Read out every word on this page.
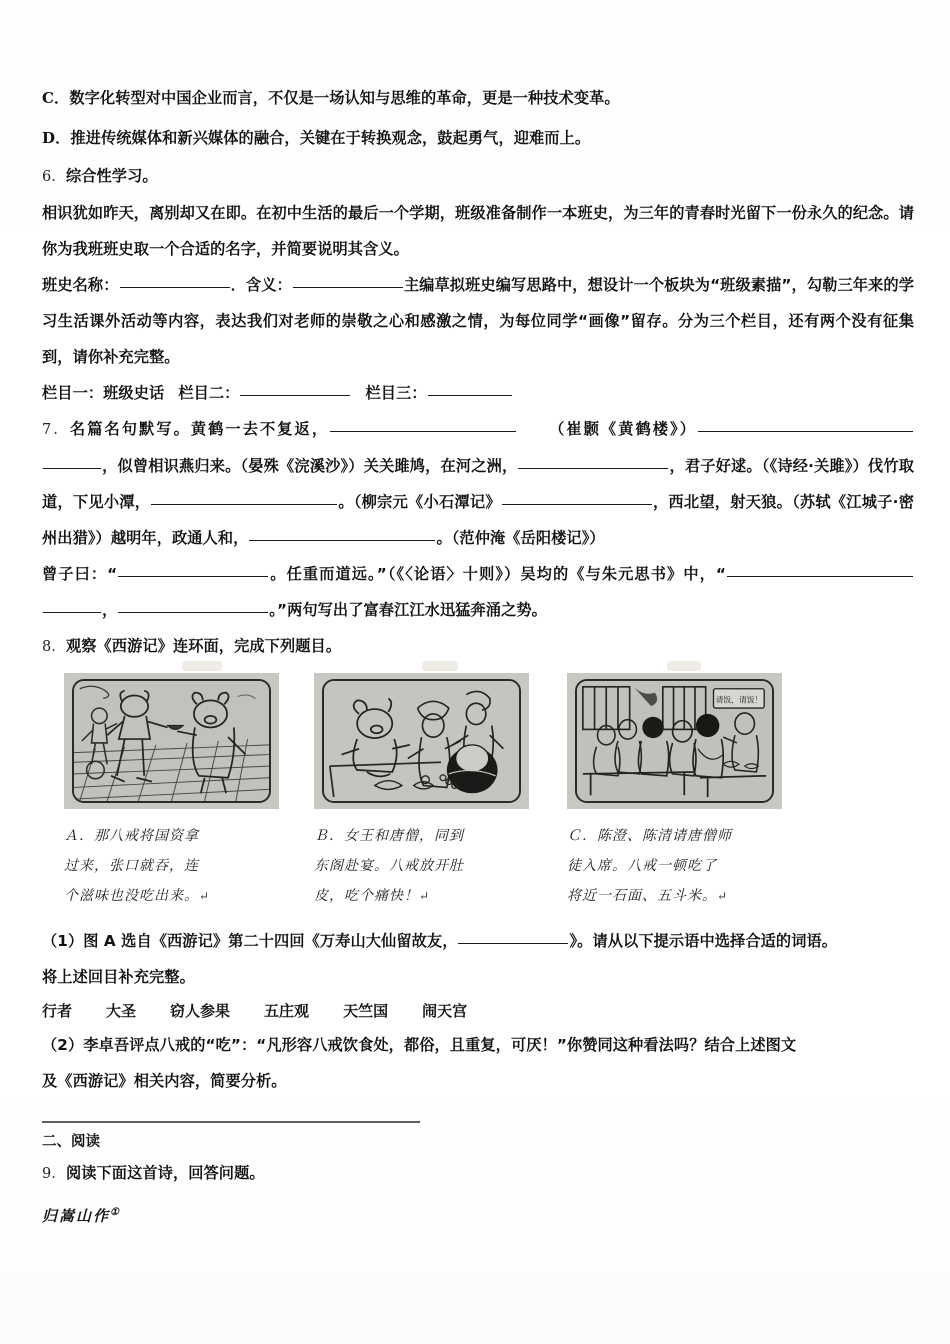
C．数字化转型对中国企业而言，不仅是一场认知与思维的革命，更是一种技术变革。

D．推进传统媒体和新兴媒体的融合，关键在于转换观念，鼓起勇气，迎难而上。

6．综合性学习。

相识犹如昨天，离别却又在即。在初中生活的最后一个学期，班级准备制作一本班史，为三年的青春时光留下一份永久的纪念。请你为我班班史取一个合适的名字，并简要说明其含义。

班史名称：	．含义：	主编草拟班史编写思路中，想设计一个板块为“班级素描”，勾勒三年来的学习生活课外活动等内容，表达我们对老师的崇敬之心和感激之情，为每位同学“画像”留存。分为三个栏目，还有两个没有征集到，请你补充完整。

栏目一：班级史话 栏目二：	栏目三：

7．名篇名句默写。黄鹤一去不复返，	（崔颢《黄鹤楼》），似曾相识燕归来。（晏殊《浣溪沙》）关关雎鸠，在河之洲，	，君子好逑。（《诗经·关雎》）伐竹取道，下见小潭，	。（柳宗元《小石潭记》	，西北望，射天狼。（苏轼《江城子·密州出猎》）越明年，政通人和，	。（范仲淹《岳阳楼记》）

曾子曰：“	。任重而道远。”（《〈论语〉十则》）吴均的《与朱元思书》中，“，	。”两句写出了富春江江水迅猛奔涌之势。

8．观察《西游记》连环面，完成下列题目。

Ａ．那八戒将国资拿
过来，张口就吞，连
个滋味也没吃出来。↵
Ｂ．女王和唐僧，同到
东阁赴宴。八戒放开肚
皮，吃个痛快！↵
请饭，请饭！
Ｃ．陈澄、陈清请唐僧师
徒入席。八戒一顿吃了
将近一石面、五斗米。↵

（1）图 A 选自《西游记》第二十四回《万寿山大仙留故友，	》。请从以下提示语中选择合适的词语。

将上述回目补充完整。

行者 大圣 窃人参果 五庄观 天竺国 闹天宫

（2）李卓吾评点八戒的“吃”：“凡形容八戒饮食处，都俗，且重复，可厌！”你赞同这种看法吗？结合上述图文

及《西游记》相关内容，简要分析。

二、阅读

9．阅读下面这首诗，回答问题。

归嵩山作①
